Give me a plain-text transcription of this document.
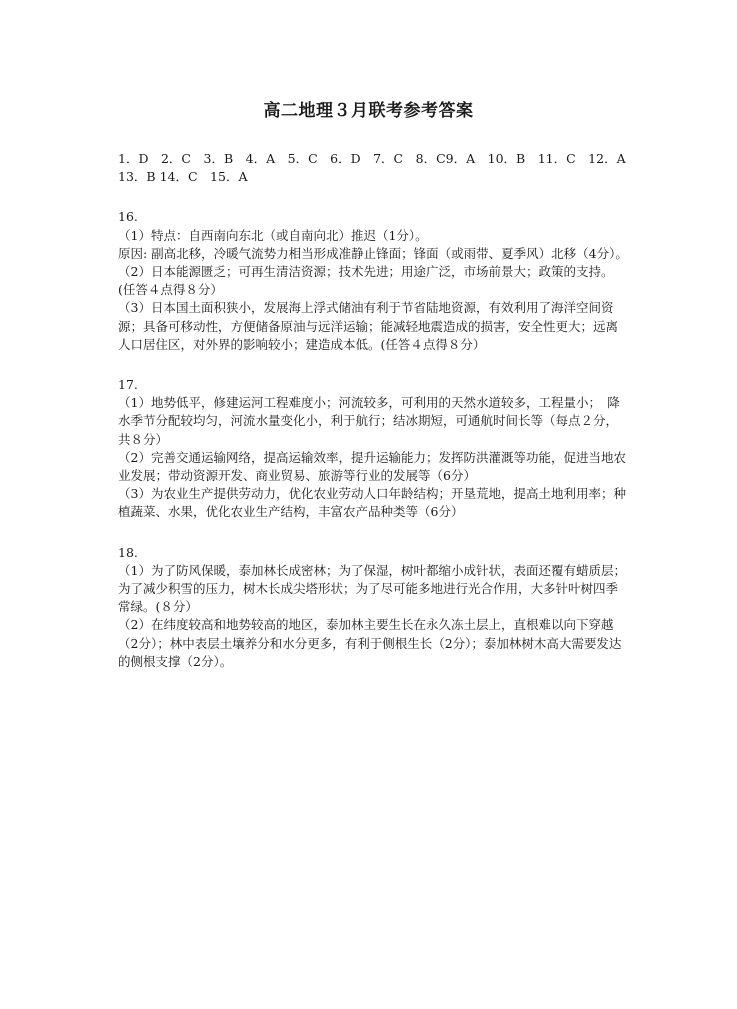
高二地理３月联考参考答案

1．D　2．C　3．B　4．A　5．C　6．D　7．C　8．C9．A　10．B　11．C　12．A

13．B 14．C　15．A

16.

（1）特点：自西南向东北（或自南向北）推迟（1分）。

原因: 副高北移，冷暖气流势力相当形成准静止锋面；锋面（或雨带、夏季风）北移（4分）。

（2）日本能源匮乏；可再生清洁资源；技术先进；用途广泛，市场前景大；政策的支持。(任答４点得８分）

（3）日本国土面积狭小，发展海上浮式储油有利于节省陆地资源，有效利用了海洋空间资源；具备可移动性，方便储备原油与远洋运输；能减轻地震造成的损害，安全性更大；远离人口居住区，对外界的影响较小；建造成本低。(任答４点得８分）

17.

（1）地势低平，修建运河工程难度小；河流较多，可利用的天然水道较多，工程量小；　降水季节分配较均匀，河流水量变化小，利于航行；结冰期短，可通航时间长等（每点２分，共８分）

（2）完善交通运输网络，提高运输效率，提升运输能力；发挥防洪灌溉等功能，促进当地农业发展；带动资源开发、商业贸易、旅游等行业的发展等（6分）

（3）为农业生产提供劳动力，优化农业劳动人口年龄结构；开垦荒地，提高土地利用率；种植蔬菜、水果，优化农业生产结构，丰富农产品种类等（6分）

18.

（1）为了防风保暖，泰加林长成密林；为了保湿，树叶都缩小成针状，表面还覆有蜡质层；为了减少积雪的压力，树木长成尖塔形状；为了尽可能多地进行光合作用，大多针叶树四季常绿。(８分）

（2）在纬度较高和地势较高的地区，泰加林主要生长在永久冻土层上，直根难以向下穿越（2分）；林中表层土壤养分和水分更多，有利于侧根生长（2分）；泰加林树木高大需要发达的侧根支撑（2分）。
